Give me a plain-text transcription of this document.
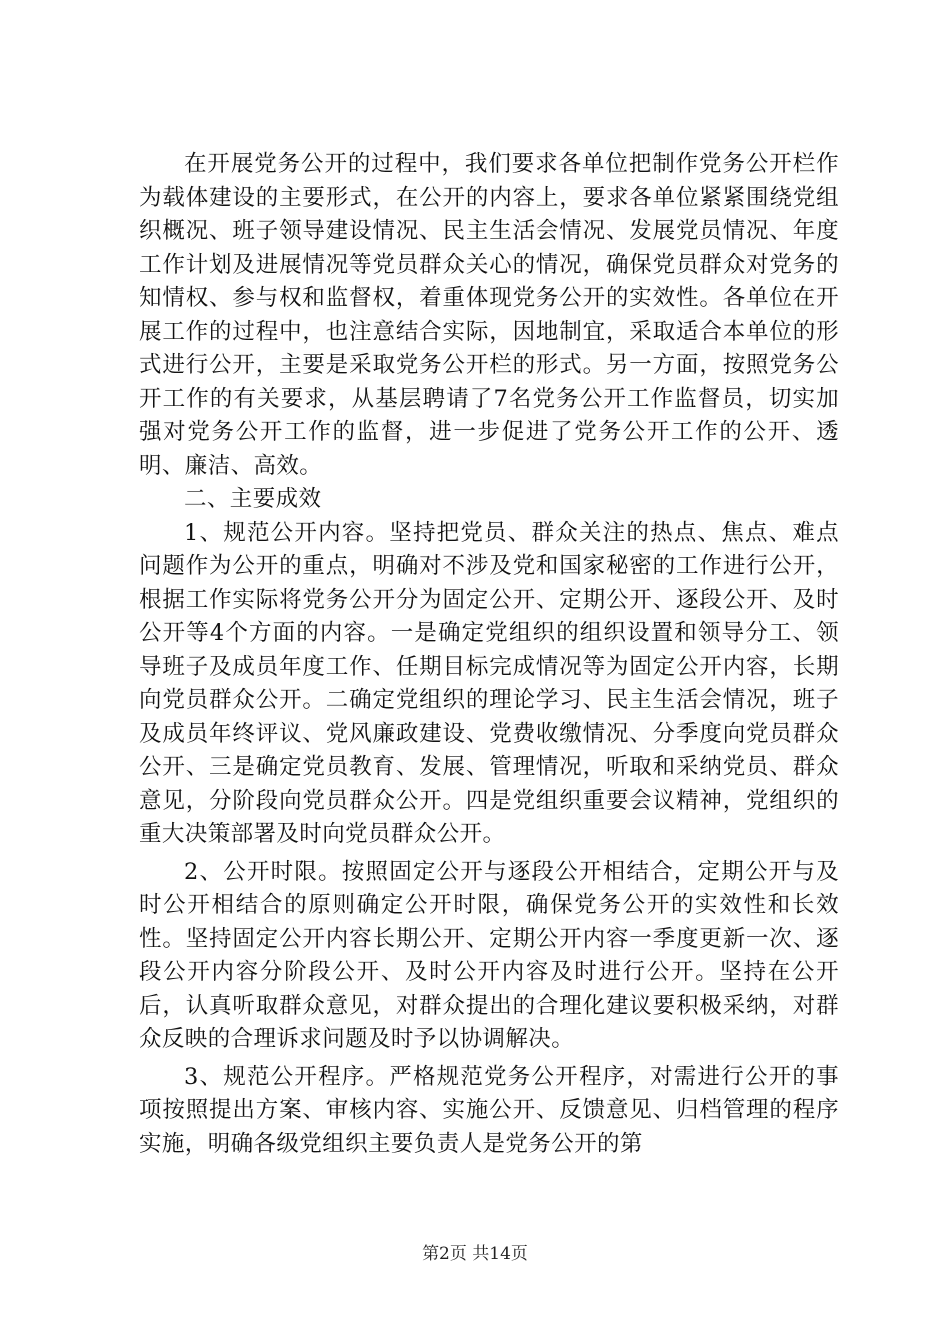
在开展党务公开的过程中，我们要求各单位把制作党务公开栏作为载体建设的主要形式，在公开的内容上，要求各单位紧紧围绕党组织概况、班子领导建设情况、民主生活会情况、发展党员情况、年度工作计划及进展情况等党员群众关心的情况，确保党员群众对党务的知情权、参与权和监督权，着重体现党务公开的实效性。各单位在开展工作的过程中，也注意结合实际，因地制宜，采取适合本单位的形式进行公开，主要是采取党务公开栏的形式。另一方面，按照党务公开工作的有关要求，从基层聘请了7名党务公开工作监督员，切实加强对党务公开工作的监督，进一步促进了党务公开工作的公开、透明、廉洁、高效。

二、主要成效

1、规范公开内容。坚持把党员、群众关注的热点、焦点、难点问题作为公开的重点，明确对不涉及党和国家秘密的工作进行公开，根据工作实际将党务公开分为固定公开、定期公开、逐段公开、及时公开等4个方面的内容。一是确定党组织的组织设置和领导分工、领导班子及成员年度工作、任期目标完成情况等为固定公开内容，长期向党员群众公开。二确定党组织的理论学习、民主生活会情况，班子及成员年终评议、党风廉政建设、党费收缴情况、分季度向党员群众公开、三是确定党员教育、发展、管理情况，听取和采纳党员、群众意见，分阶段向党员群众公开。四是党组织重要会议精神，党组织的重大决策部署及时向党员群众公开。

2、公开时限。按照固定公开与逐段公开相结合，定期公开与及时公开相结合的原则确定公开时限，确保党务公开的实效性和长效性。坚持固定公开内容长期公开、定期公开内容一季度更新一次、逐段公开内容分阶段公开、及时公开内容及时进行公开。坚持在公开后，认真听取群众意见，对群众提出的合理化建议要积极采纳，对群众反映的合理诉求问题及时予以协调解决。

3、规范公开程序。严格规范党务公开程序，对需进行公开的事项按照提出方案、审核内容、实施公开、反馈意见、归档管理的程序实施，明确各级党组织主要负责人是党务公开的第

第2页 共14页
